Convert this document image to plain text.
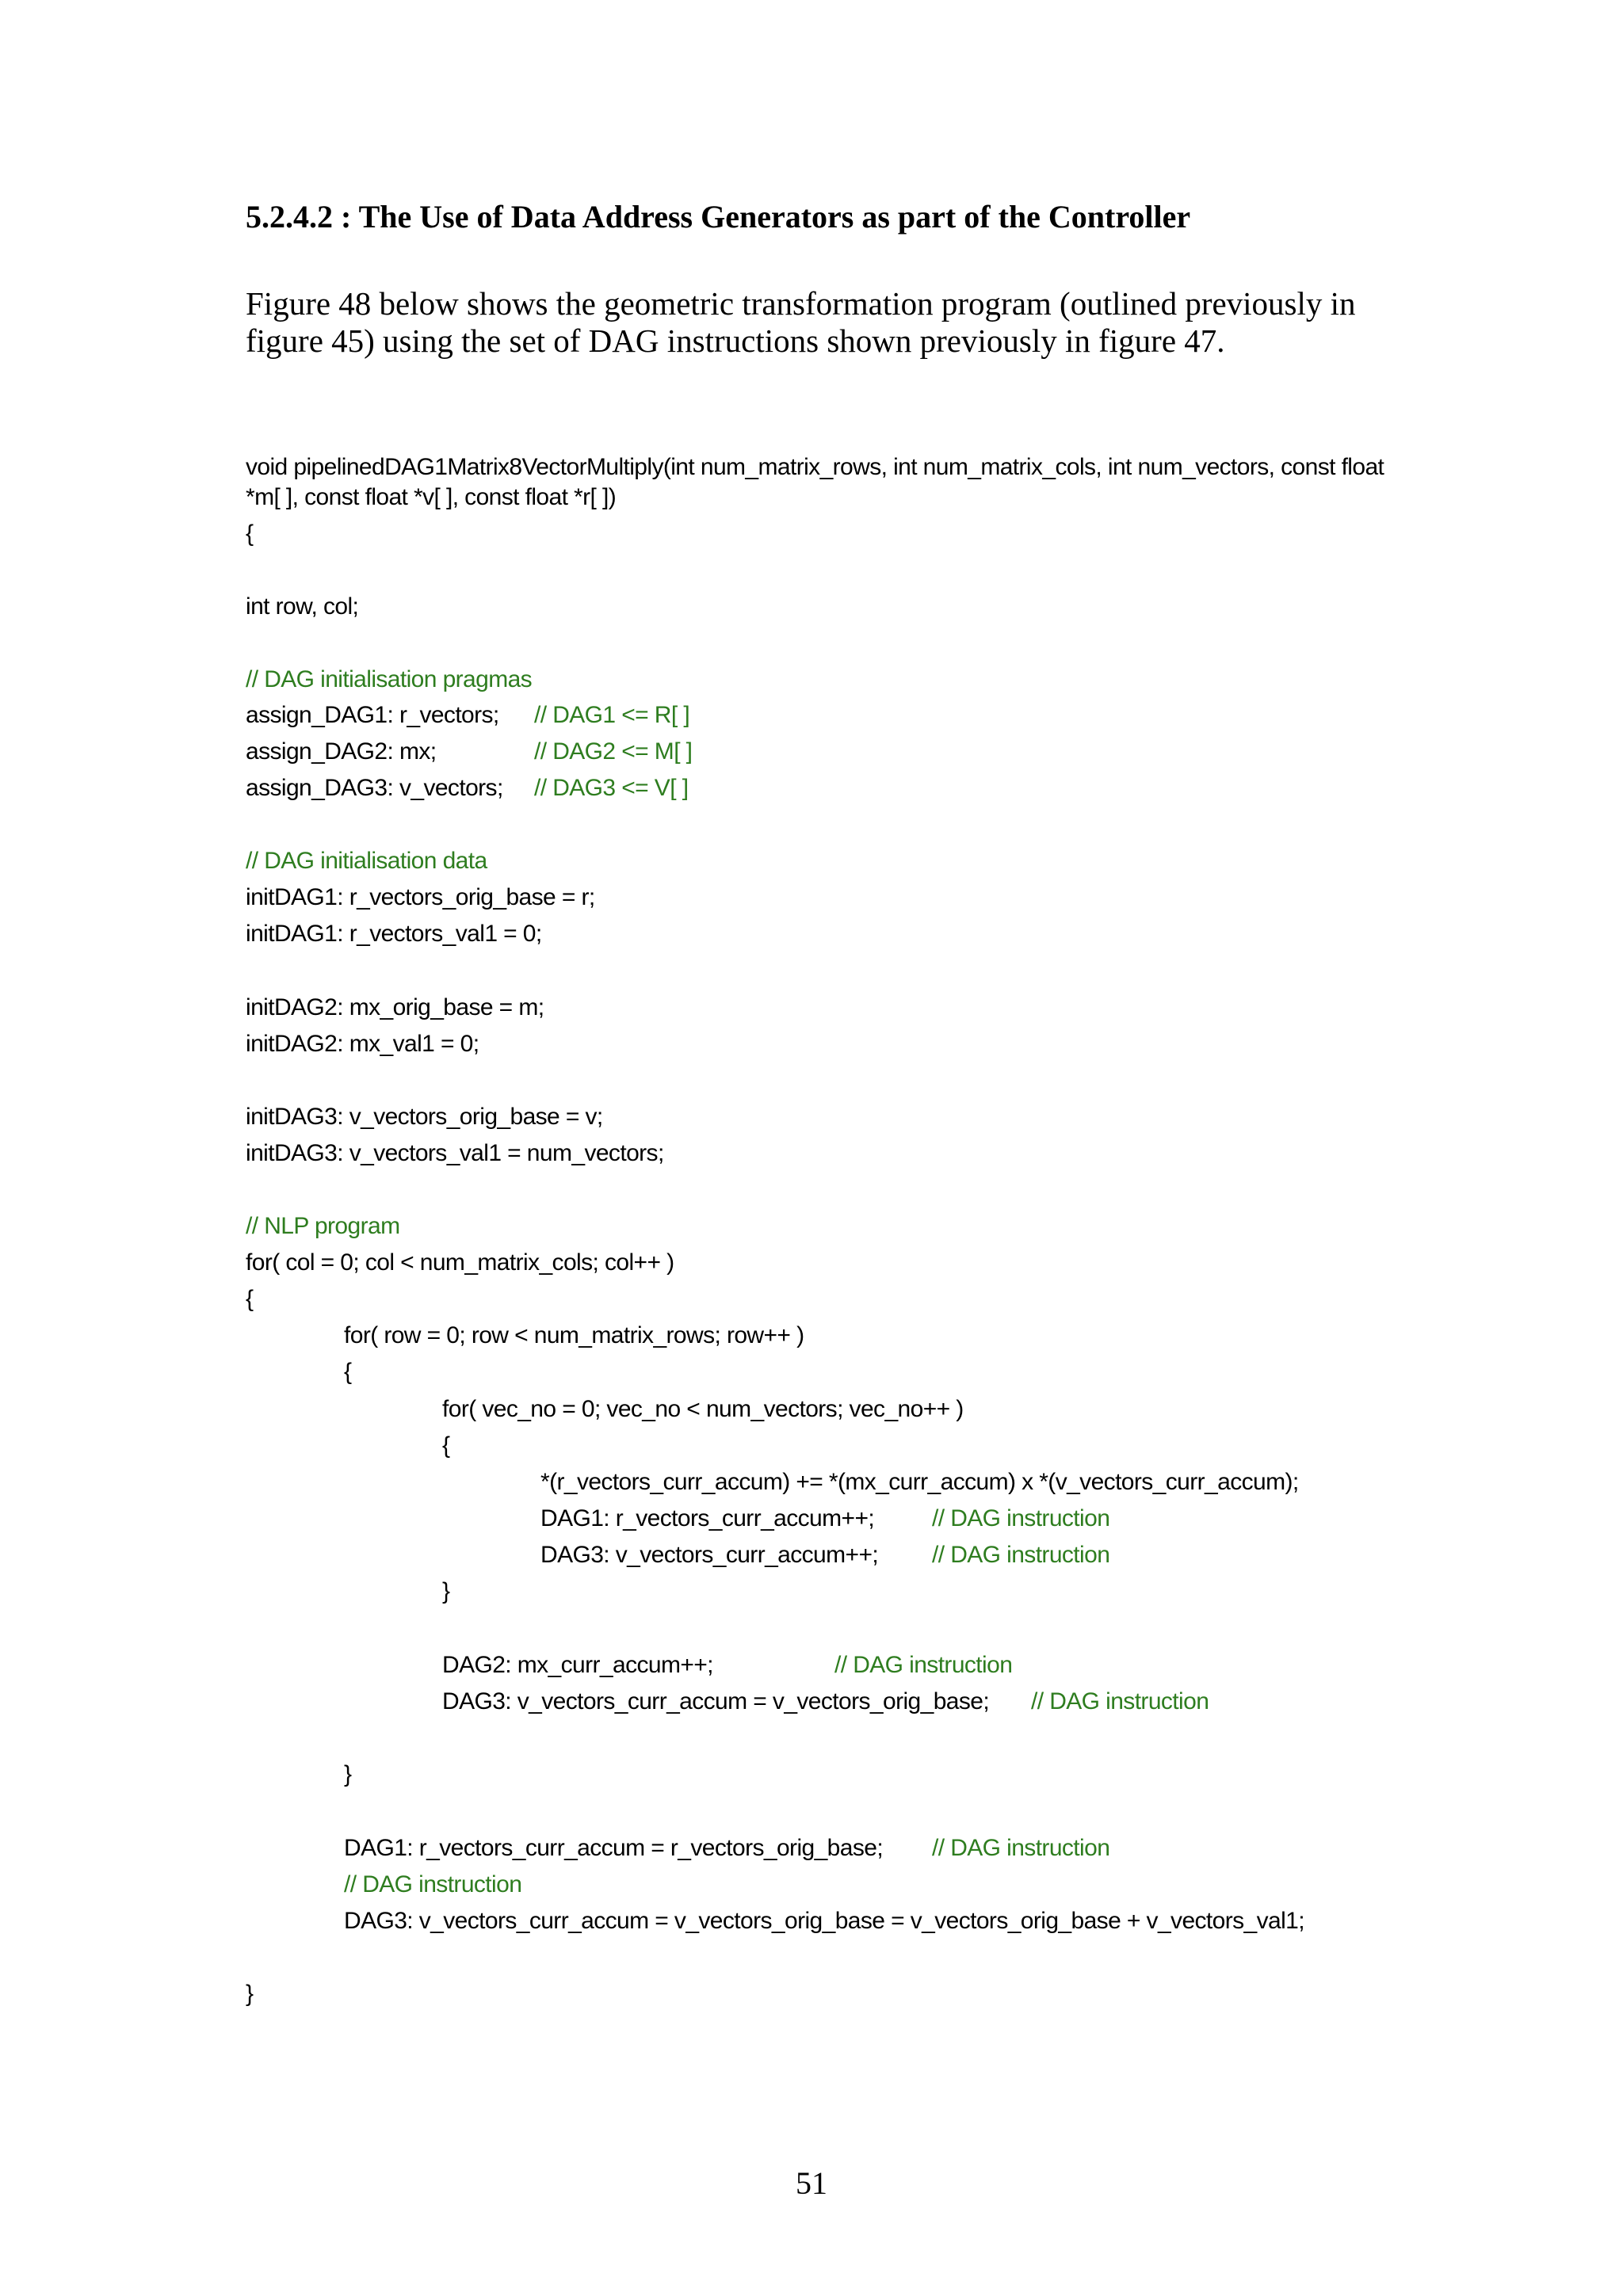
5.2.4.2 : The Use of Data Address Generators as part of the Controller
Figure 48 below shows the geometric transformation program (outlined previously in
figure 45) using the set of DAG instructions shown previously in figure 47.
void pipelinedDAG1Matrix8VectorMultiply(int num_matrix_rows, int num_matrix_cols, int num_vectors, const float
*m[ ], const float *v[ ], const float *r[ ])
{
int row, col;
// DAG initialisation pragmas
assign_DAG1: r_vectors; // DAG1 <= R[ ]
assign_DAG2: mx;	// DAG2 <= M[ ]
assign_DAG3: v_vectors; // DAG3 <= V[ ]
// DAG initialisation data
initDAG1: r_vectors_orig_base = r;
initDAG1: r_vectors_val1 = 0;
initDAG2: mx_orig_base = m;
initDAG2: mx_val1 = 0;
initDAG3: v_vectors_orig_base = v;
initDAG3: v_vectors_val1 = num_vectors;
// NLP program
for( col = 0; col < num_matrix_cols; col++ )
{
for( row = 0; row < num_matrix_rows; row++ )
{
for( vec_no = 0; vec_no < num_vectors; vec_no++ )
{
*(r_vectors_curr_accum) += *(mx_curr_accum) x *(v_vectors_curr_accum);
DAG1: r_vectors_curr_accum++; // DAG instruction
DAG3: v_vectors_curr_accum++; // DAG instruction
}
DAG2: mx_curr_accum++;	// DAG instruction
DAG3: v_vectors_curr_accum = v_vectors_orig_base; // DAG instruction
}
DAG1: r_vectors_curr_accum = r_vectors_orig_base; // DAG instruction
// DAG instruction
DAG3: v_vectors_curr_accum = v_vectors_orig_base = v_vectors_orig_base + v_vectors_val1;
}
51
